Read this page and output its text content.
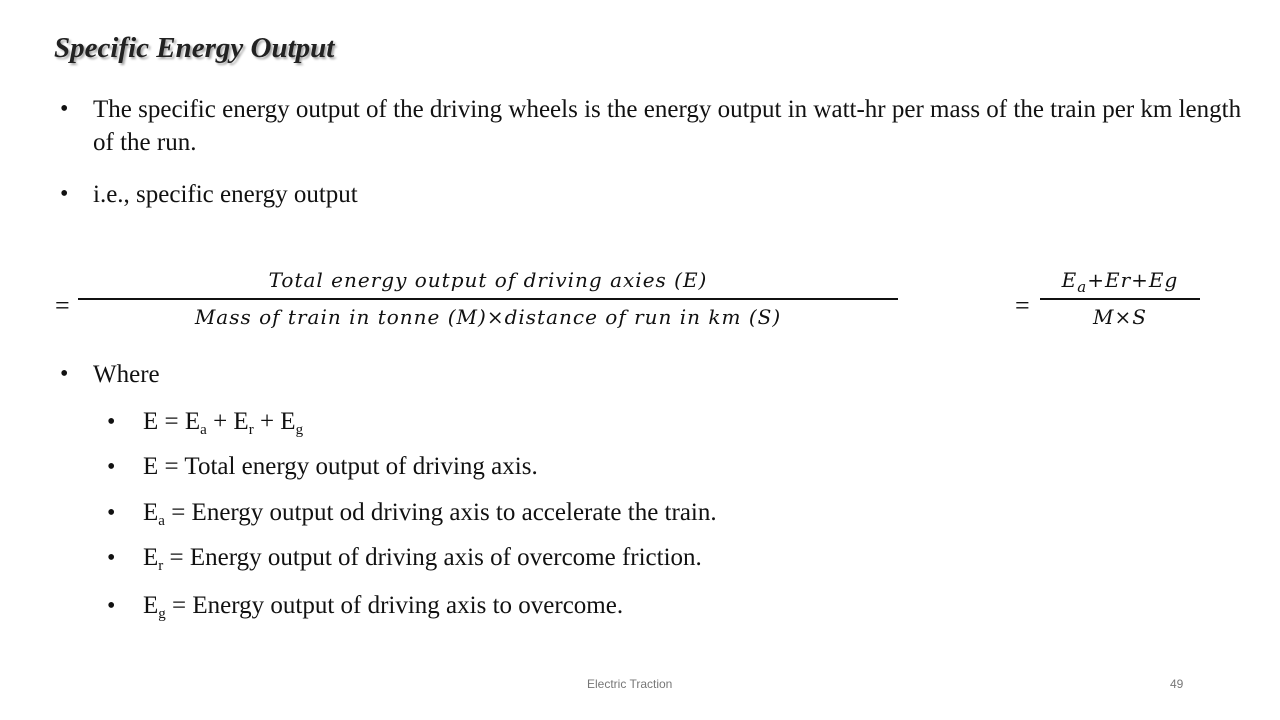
Specific Energy Output
• The specific energy output of the driving wheels is the energy output in watt-hr per mass of the train per km length of the run.
• i.e., specific energy output
=
Total energy output of driving axies (E)
Mass of train in tonne (M)×distance of run in km (S)	=
$E_a+Er+Eg$
M×S
• Where
• $E = E_a + E_r + E_g$
• E = Total energy output of driving axis.
• $E_a$ = Energy output od driving axis to accelerate the train.
• $E_r$ = Energy output of driving axis of overcome friction.
• $E_g$ = Energy output of driving axis to overcome.
Electric Traction	49
